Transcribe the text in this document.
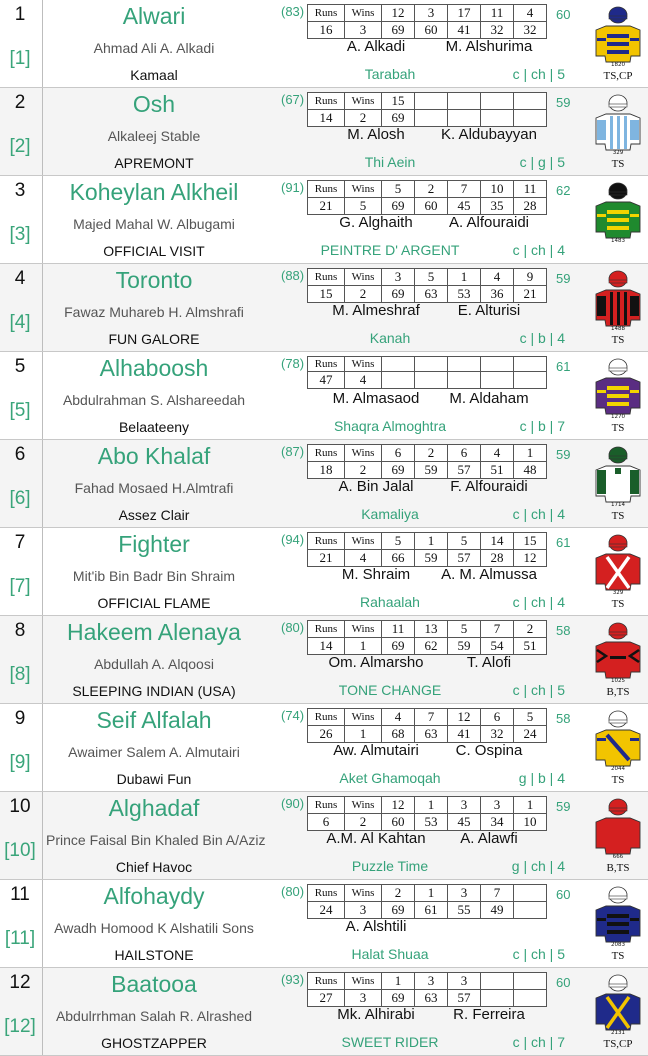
1
[1]
Alwari
Ahmad Ali A. Alkadi
Kamaal
(83) Runs	Wins	12	3	17	11	4
16	3	69	60	41	32	32
60
A. Alkadi	M. Alshurima
Tarabah	c | ch | 5
1820
TS,CP
2
[2]
Osh
Alkaleej Stable
APREMONT
(67) Runs	Wins	15				
14	2	69				
59
M. Alosh	K. Aldubayyan
Thi Aein	c | g | 5
329
TS
3
[3]
Koheylan Alkheil
Majed Mahal W. Albugami
OFFICIAL VISIT
(91) Runs	Wins	5	2	7	10	11
21	5	69	60	45	35	28
62
G. Alghaith	A. Alfouraidi
PEINTRE D' ARGENT	c | ch | 4
1483
4
[4]
Toronto
Fawaz Muhareb H. Almshrafi
FUN GALORE
(88) Runs	Wins	3	5	1	4	9
15	2	69	63	53	36	21
59
M. Almeshraf	E. Alturisi
Kanah	c | b | 4
1488
TS
5
[5]
Alhaboosh
Abdulrahman S. Alshareedah
Belaateeny
(78) Runs	Wins					
47	4					
61
M. Almasaod	M. Aldaham
Shaqra Almoghtra	c | b | 7
1270
TS
6
[6]
Abo Khalaf
Fahad Mosaed H.Almtrafi
Assez Clair
(87) Runs	Wins	6	2	6	4	1
18	2	69	59	57	51	48
59
A. Bin Jalal	F. Alfouraidi
Kamaliya	c | ch | 4
1714
TS
7
[7]
Fighter
Mit'ib Bin Badr Bin Shraim
OFFICIAL FLAME
(94) Runs	Wins	5	1	5	14	15
21	4	66	59	57	28	12
61
M. Shraim	A. M. Almussa
Rahaalah	c | ch | 4
329
TS
8
[8]
Hakeem Alenaya
Abdullah A. Alqoosi
SLEEPING INDIAN (USA)
(80) Runs	Wins	11	13	5	7	2
14	1	69	62	59	54	51
58
Om. Almarsho	T. Alofi
TONE CHANGE	c | ch | 5
1025
B,TS
9
[9]
Seif Alfalah
Awaimer Salem A. Almutairi
Dubawi Fun
(74) Runs	Wins	4	7	12	6	5
26	1	68	63	41	32	24
58
Aw. Almutairi	C. Ospina
Aket Ghamoqah	g | b | 4
2044
TS
10
[10]
Alghadaf
Prince Faisal Bin Khaled Bin A/Aziz
Chief Havoc
(90) Runs	Wins	12	1	3	3	1
6	2	60	53	45	34	10
59
A.M. Al Kahtan	A. Alawfi
Puzzle Time	g | ch | 4
666
B,TS
11
[11]
Alfohaydy
Awadh Homood K Alshatili Sons
HAILSTONE
(80) Runs	Wins	2	1	3	7	
24	3	69	61	55	49	
60
A. Alshtili
Halat Shuaa	c | ch | 5
2083
TS
12
[12]
Baatooa
Abdulrrhman Salah R. Alrashed
GHOSTZAPPER
(93) Runs	Wins	1	3	3		
27	3	69	63	57		
60
Mk. Alhirabi	R. Ferreira
SWEET RIDER	c | ch | 7
2131
TS,CP
